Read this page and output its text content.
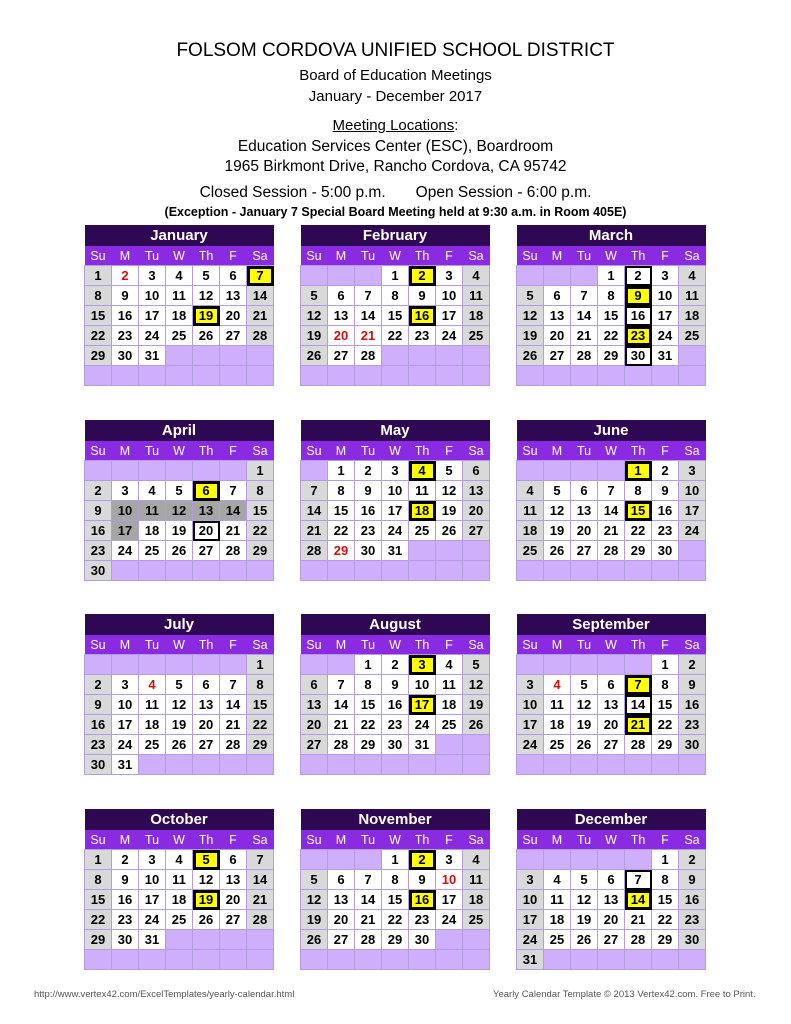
FOLSOM CORDOVA UNIFIED SCHOOL DISTRICT
Board of Education Meetings
January - December 2017
Meeting Locations:
Education Services Center (ESC), Boardroom
1965 Birkmont Drive, Rancho Cordova, CA 95742
Closed Session - 5:00 p.m. Open Session - 6:00 p.m.
(Exception - January 7 Special Board Meeting held at 9:30 a.m. in Room 405E)
January						
Su	M	Tu	W	Th	F	Sa
1	2	3	4	5	6	7
8	9	10	11	12	13	14
15	16	17	18	19	20	21
22	23	24	25	26	27	28
29	30	31				

February						
Su	M	Tu	W	Th	F	Sa
			1	2	3	4
5	6	7	8	9	10	11
12	13	14	15	16	17	18
19	20	21	22	23	24	25
26	27	28				

March						
Su	M	Tu	W	Th	F	Sa
			1	2	3	4
5	6	7	8	9	10	11
12	13	14	15	16	17	18
19	20	21	22	23	24	25
26	27	28	29	30	31	

April						
Su	M	Tu	W	Th	F	Sa
						1
2	3	4	5	6	7	8
9	10	11	12	13	14	15
16	17	18	19	20	21	22
23	24	25	26	27	28	29
30						
May						
Su	M	Tu	W	Th	F	Sa
	1	2	3	4	5	6
7	8	9	10	11	12	13
14	15	16	17	18	19	20
21	22	23	24	25	26	27
28	29	30	31			

June						
Su	M	Tu	W	Th	F	Sa
				1	2	3
4	5	6	7	8	9	10
11	12	13	14	15	16	17
18	19	20	21	22	23	24
25	26	27	28	29	30	

July						
Su	M	Tu	W	Th	F	Sa
						1
2	3	4	5	6	7	8
9	10	11	12	13	14	15
16	17	18	19	20	21	22
23	24	25	26	27	28	29
30	31					
August						
Su	M	Tu	W	Th	F	Sa
		1	2	3	4	5
6	7	8	9	10	11	12
13	14	15	16	17	18	19
20	21	22	23	24	25	26
27	28	29	30	31		

September						
Su	M	Tu	W	Th	F	Sa
					1	2
3	4	5	6	7	8	9
10	11	12	13	14	15	16
17	18	19	20	21	22	23
24	25	26	27	28	29	30

October						
Su	M	Tu	W	Th	F	Sa
1	2	3	4	5	6	7
8	9	10	11	12	13	14
15	16	17	18	19	20	21
22	23	24	25	26	27	28
29	30	31				

November						
Su	M	Tu	W	Th	F	Sa
			1	2	3	4
5	6	7	8	9	10	11
12	13	14	15	16	17	18
19	20	21	22	23	24	25
26	27	28	29	30		

December						
Su	M	Tu	W	Th	F	Sa
					1	2
3	4	5	6	7	8	9
10	11	12	13	14	15	16
17	18	19	20	21	22	23
24	25	26	27	28	29	30
31						
http://www.vertex42.com/ExcelTemplates/yearly-calendar.html	Yearly Calendar Template © 2013 Vertex42.com. Free to Print.
